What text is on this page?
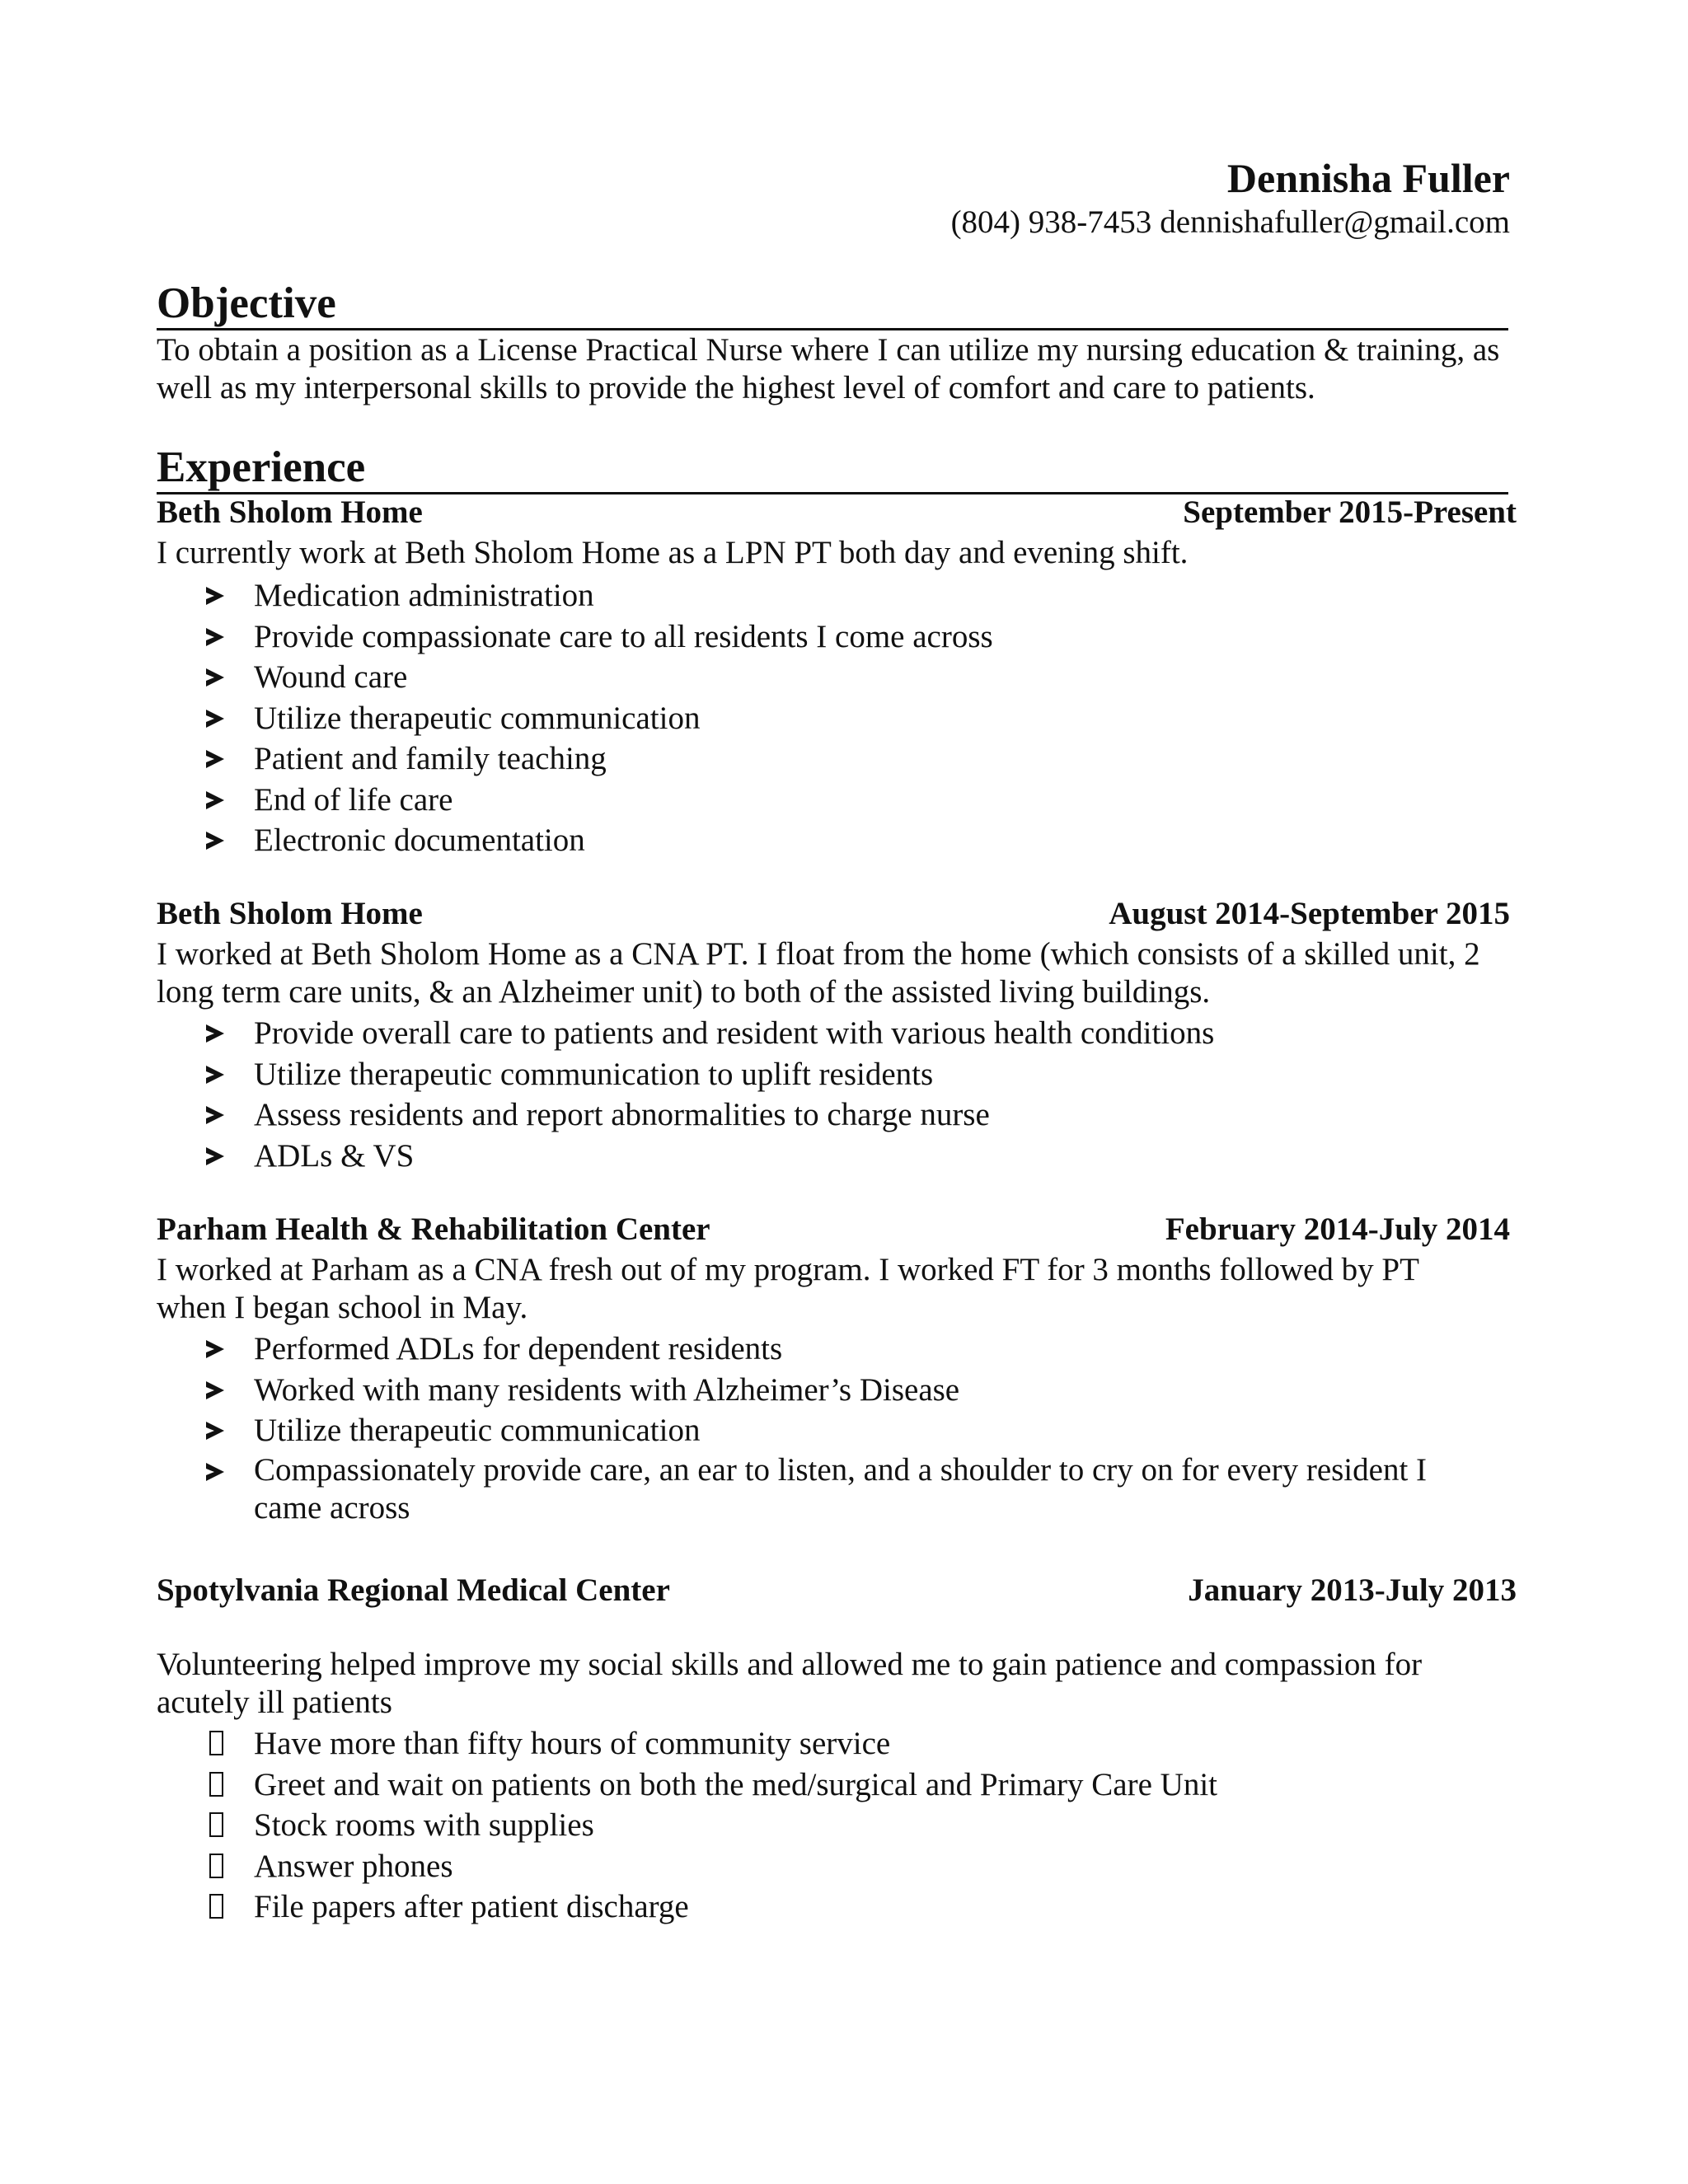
Dennisha Fuller
(804) 938-7453 dennishafuller@gmail.com
Objective
To obtain a position as a License Practical Nurse where I can utilize my nursing education & training, as well as my interpersonal skills to provide the highest level of comfort and care to patients.
Experience
Beth Sholom Home	September 2015-Present
I currently work at Beth Sholom Home as a LPN PT both day and evening shift.
Medication administration
Provide compassionate care to all residents I come across
Wound care
Utilize therapeutic communication
Patient and family teaching
End of life care
Electronic documentation
Beth Sholom Home	August 2014-September 2015
I worked at Beth Sholom Home as a CNA PT. I float from the home (which consists of a skilled unit, 2 long term care units, & an Alzheimer unit) to both of the assisted living buildings.
Provide overall care to patients and resident with various health conditions
Utilize therapeutic communication to uplift residents
Assess residents and report abnormalities to charge nurse
ADLs & VS
Parham Health & Rehabilitation Center	February 2014-July 2014
I worked at Parham as a CNA fresh out of my program. I worked FT for 3 months followed by PT when I began school in May.
Performed ADLs for dependent residents
Worked with many residents with Alzheimer’s Disease
Utilize therapeutic communication
Compassionately provide care, an ear to listen, and a shoulder to cry on for every resident I came across
Spotylvania Regional Medical Center	January 2013-July 2013
Volunteering helped improve my social skills and allowed me to gain patience and compassion for acutely ill patients
Have more than fifty hours of community service
Greet and wait on patients on both the med/surgical and Primary Care Unit
Stock rooms with supplies
Answer phones
File papers after patient discharge
